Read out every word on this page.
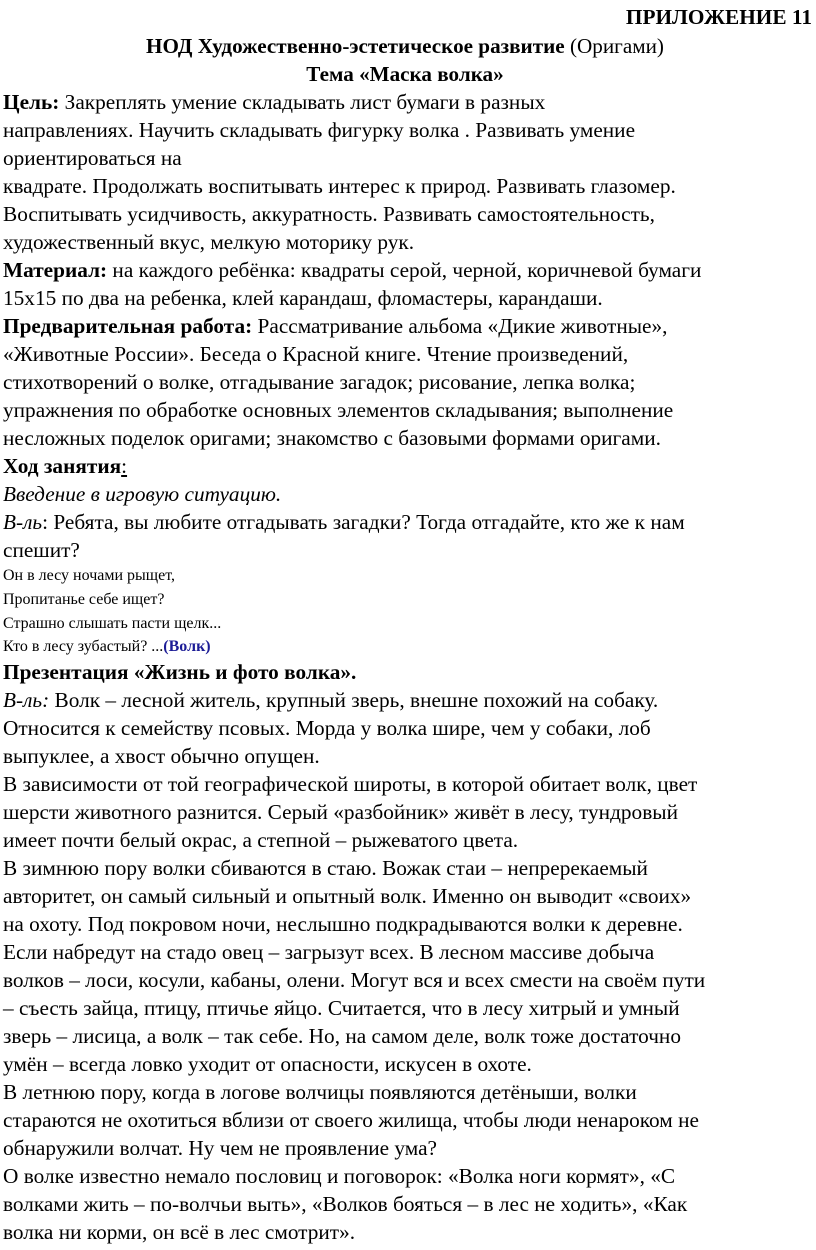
ПРИЛОЖЕНИЕ 11
НОД Художественно-эстетическое развитие (Оригами)
Тема «Маска волка»
Цель: Закреплять умение складывать лист бумаги в разных
направлениях. Научить складывать фигурку волка . Развивать умение
ориентироваться на
квадрате. Продолжать воспитывать интерес к природ. Развивать глазомер.
Воспитывать усидчивость, аккуратность. Развивать самостоятельность,
художественный вкус, мелкую моторику рук.
Материал: на каждого ребёнка: квадраты серой, черной, коричневой бумаги
15х15 по два на ребенка, клей карандаш, фломастеры, карандаши.
Предварительная работа: Рассматривание альбома «Дикие животные»,
«Животные России». Беседа о Красной книге. Чтение произведений,
стихотворений о волке, отгадывание загадок; рисование, лепка волка;
упражнения по обработке основных элементов складывания; выполнение
несложных поделок оригами; знакомство с базовыми формами оригами.
Ход занятия:
Введение в игровую ситуацию.
В-ль: Ребята, вы любите отгадывать загадки? Тогда отгадайте, кто же к нам
спешит?
Он в лесу ночами рыщет,
Пропитанье себе ищет?
Страшно слышать пасти щелк...
Кто в лесу зубастый? ...(Волк)
Презентация «Жизнь и фото волка».
В-ль: Волк – лесной житель, крупный зверь, внешне похожий на собаку.
Относится к семейству псовых. Морда у волка шире, чем у собаки, лоб
выпуклее, а хвост обычно опущен.
В зависимости от той географической широты, в которой обитает волк, цвет
шерсти животного разнится. Серый «разбойник» живёт в лесу, тундровый
имеет почти белый окрас, а степной – рыжеватого цвета.
В зимнюю пору волки сбиваются в стаю. Вожак стаи – непререкаемый
авторитет, он самый сильный и опытный волк. Именно он выводит «своих»
на охоту. Под покровом ночи, неслышно подкрадываются волки к деревне.
Если набредут на стадо овец – загрызут всех. В лесном массиве добыча
волков – лоси, косули, кабаны, олени. Могут вся и всех смести на своём пути
– съесть зайца, птицу, птичье яйцо. Считается, что в лесу хитрый и умный
зверь – лисица, а волк – так себе. Но, на самом деле, волк тоже достаточно
умён – всегда ловко уходит от опасности, искусен в охоте.
В летнюю пору, когда в логове волчицы появляются детёныши, волки
стараются не охотиться вблизи от своего жилища, чтобы люди ненароком не
обнаружили волчат. Ну чем не проявление ума?
О волке известно немало пословиц и поговорок: «Волка ноги кормят», «С
волками жить – по-волчьи выть», «Волков бояться – в лес не ходить», «Как
волка ни корми, он всё в лес смотрит».
